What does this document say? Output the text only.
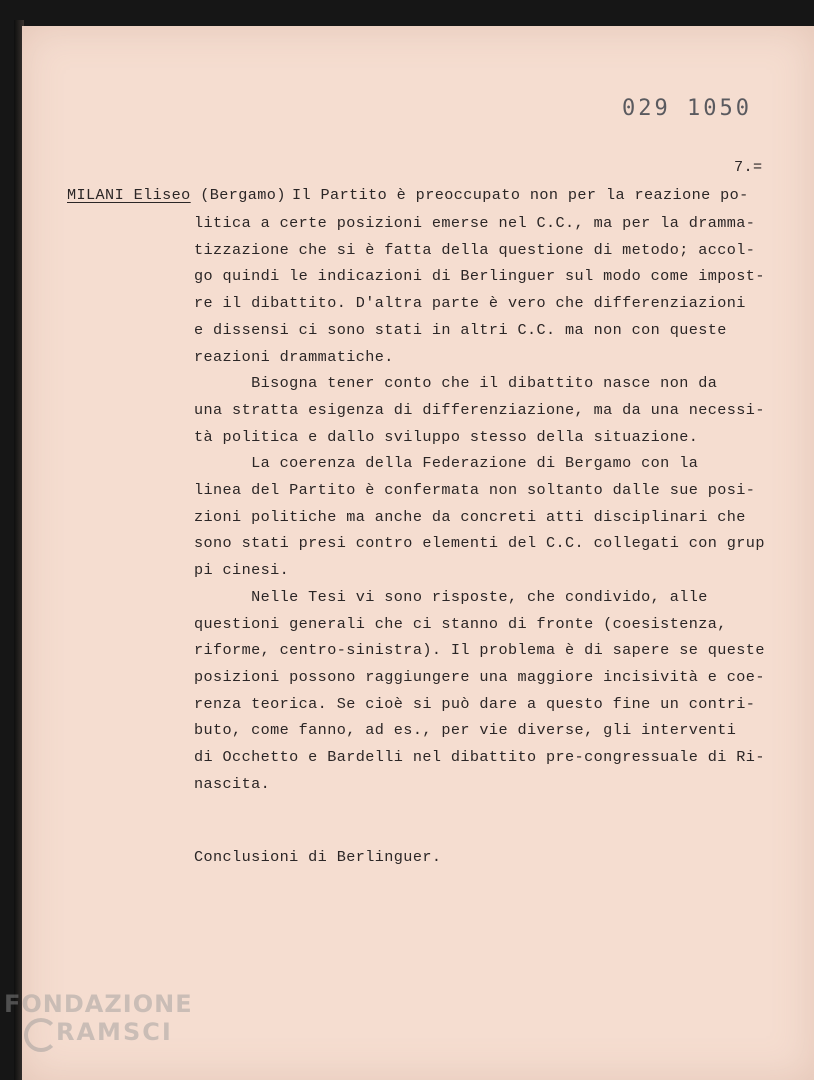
029 1050
7.=
MILANI Eliseo (Bergamo) Il Partito è preoccupato non per la reazione po-
litica a certe posizioni emerse nel C.C., ma per la dramma-
tizzazione che si è fatta della questione di metodo; accol-
go quindi le indicazioni di Berlinguer sul modo come impost-
re il dibattito. D'altra parte è vero che differenziazioni
e dissensi ci sono stati in altri C.C. ma non con queste
reazioni drammatiche.
Bisogna tener conto che il dibattito nasce non da
una stratta esigenza di differenziazione, ma da una necessi-
tà politica e dallo sviluppo stesso della situazione.
La coerenza della Federazione di Bergamo con la
linea del Partito è confermata non soltanto dalle sue posi-
zioni politiche ma anche da concreti atti disciplinari che
sono stati presi contro elementi del C.C. collegati con grup
pi cinesi.
Nelle Tesi vi sono risposte, che condivido, alle
questioni generali che ci stanno di fronte (coesistenza,
riforme, centro-sinistra). Il problema è di sapere se queste
posizioni possono raggiungere una maggiore incisività e coe-
renza teorica. Se cioè si può dare a questo fine un contri-
buto, come fanno, ad es., per vie diverse, gli interventi
di Occhetto e Bardelli nel dibattito pre-congressuale di Ri-
nascita.
Conclusioni di Berlinguer.
FONDAZIONE
RAMSCI
